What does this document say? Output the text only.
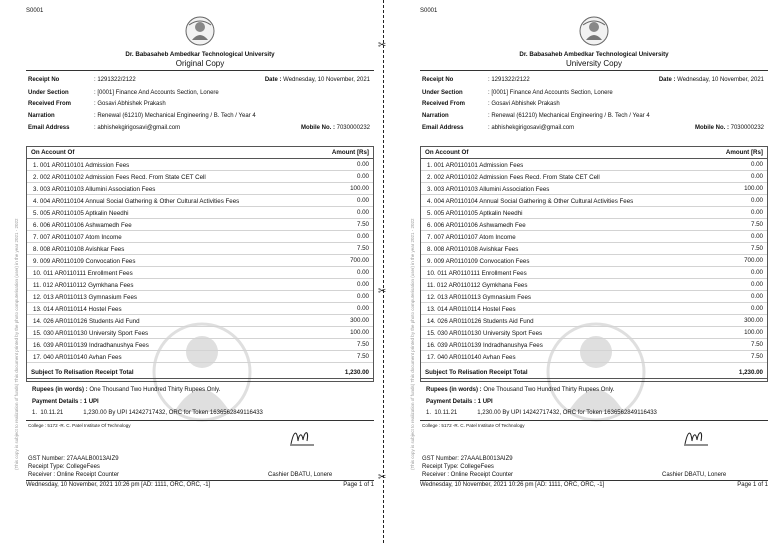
(This copy is subject to realization of funds) This document printed by the photo computerisation (user) in the year 2021 - 2022	(This copy is subject to realization of funds) This document printed by the photo computerisation (user) in the year 2021 - 2022
✂
✂
✂
S0001
Dr. Babasaheb Ambedkar Technological University
Original Copy
Receipt No	: 1291322/2122	Date : Wednesday, 10 November, 2021
Under Section	: [0001] Finance And Accounts Section, Lonere
Received From	: Gosavi Abhishek Prakash
Narration	: Renewal (61210) Mechanical Engineering / B. Tech / Year 4
Email Address	: abhishekgirigosavi@gmail.com	Mobile No. : 7030000232
On Account Of	Amount [Rs]
1. 001 AR0110101 Admission Fees	0.00
2. 002 AR0110102 Admission Fees Recd. From State CET Cell	0.00
3. 003 AR0110103 Allumini Association Fees	100.00
4. 004 AR0110104 Annual Social Gathering & Other Cultural Activities Fees	0.00
5. 005 AR0110105 Aptkalin Needhi	0.00
6. 006 AR0110106 Ashwamedh Fee	7.50
7. 007 AR0110107 Atom Income	0.00
8. 008 AR0110108 Avishkar Fees	7.50
9. 009 AR0110109 Convocation Fees	700.00
10. 011 AR0110111 Enrollment Fees	0.00
11. 012 AR0110112 Gymkhana Fees	0.00
12. 013 AR0110113 Gymnasium Fees	0.00
13. 014 AR0110114 Hostel Fees	0.00
14. 026 AR0110126 Students Aid Fund	300.00
15. 030 AR0110130 University Sport Fees	100.00
16. 039 AR0110139 Indradhanushya Fees	7.50
17. 040 AR0110140 Avhan Fees	7.50
Subject To Relisation Receipt Total	1,230.00
Rupees (in words) : One Thousand Two Hundred Thirty Rupees Only.
Payment Details : 1 UPI
1. 10.11.21	1,230.00 By UPI 14242717432, ORC for Token 1636562849116433
College : 5172 -R. C. Patel Institute Of Technology
GST Number: 27AAALB0013AIZ9
Receipt Type: CollegeFees
Receiver : Online Receipt Counter	Cashier DBATU, Lonere
Wednesday, 10 November, 2021 10:26 pm [AD: 1111, ORC, ORC, -1]	Page 1 of 1
S0001
Dr. Babasaheb Ambedkar Technological University
University Copy
Receipt No	: 1291322/2122	Date : Wednesday, 10 November, 2021
Under Section	: [0001] Finance And Accounts Section, Lonere
Received From	: Gosavi Abhishek Prakash
Narration	: Renewal (61210) Mechanical Engineering / B. Tech / Year 4
Email Address	: abhishekgirigosavi@gmail.com	Mobile No. : 7030000232
On Account Of	Amount [Rs]
1. 001 AR0110101 Admission Fees	0.00
2. 002 AR0110102 Admission Fees Recd. From State CET Cell	0.00
3. 003 AR0110103 Allumini Association Fees	100.00
4. 004 AR0110104 Annual Social Gathering & Other Cultural Activities Fees	0.00
5. 005 AR0110105 Aptkalin Needhi	0.00
6. 006 AR0110106 Ashwamedh Fee	7.50
7. 007 AR0110107 Atom Income	0.00
8. 008 AR0110108 Avishkar Fees	7.50
9. 009 AR0110109 Convocation Fees	700.00
10. 011 AR0110111 Enrollment Fees	0.00
11. 012 AR0110112 Gymkhana Fees	0.00
12. 013 AR0110113 Gymnasium Fees	0.00
13. 014 AR0110114 Hostel Fees	0.00
14. 026 AR0110126 Students Aid Fund	300.00
15. 030 AR0110130 University Sport Fees	100.00
16. 039 AR0110139 Indradhanushya Fees	7.50
17. 040 AR0110140 Avhan Fees	7.50
Subject To Relisation Receipt Total	1,230.00
Rupees (in words) : One Thousand Two Hundred Thirty Rupees Only.
Payment Details : 1 UPI
1. 10.11.21	1,230.00 By UPI 14242717432, ORC for Token 1636562849116433
College : 5172 -R. C. Patel Institute Of Technology
GST Number: 27AAALB0013AIZ9
Receipt Type: CollegeFees
Receiver : Online Receipt Counter	Cashier DBATU, Lonere
Wednesday, 10 November, 2021 10:26 pm [AD: 1111, ORC, ORC, -1]	Page 1 of 1
